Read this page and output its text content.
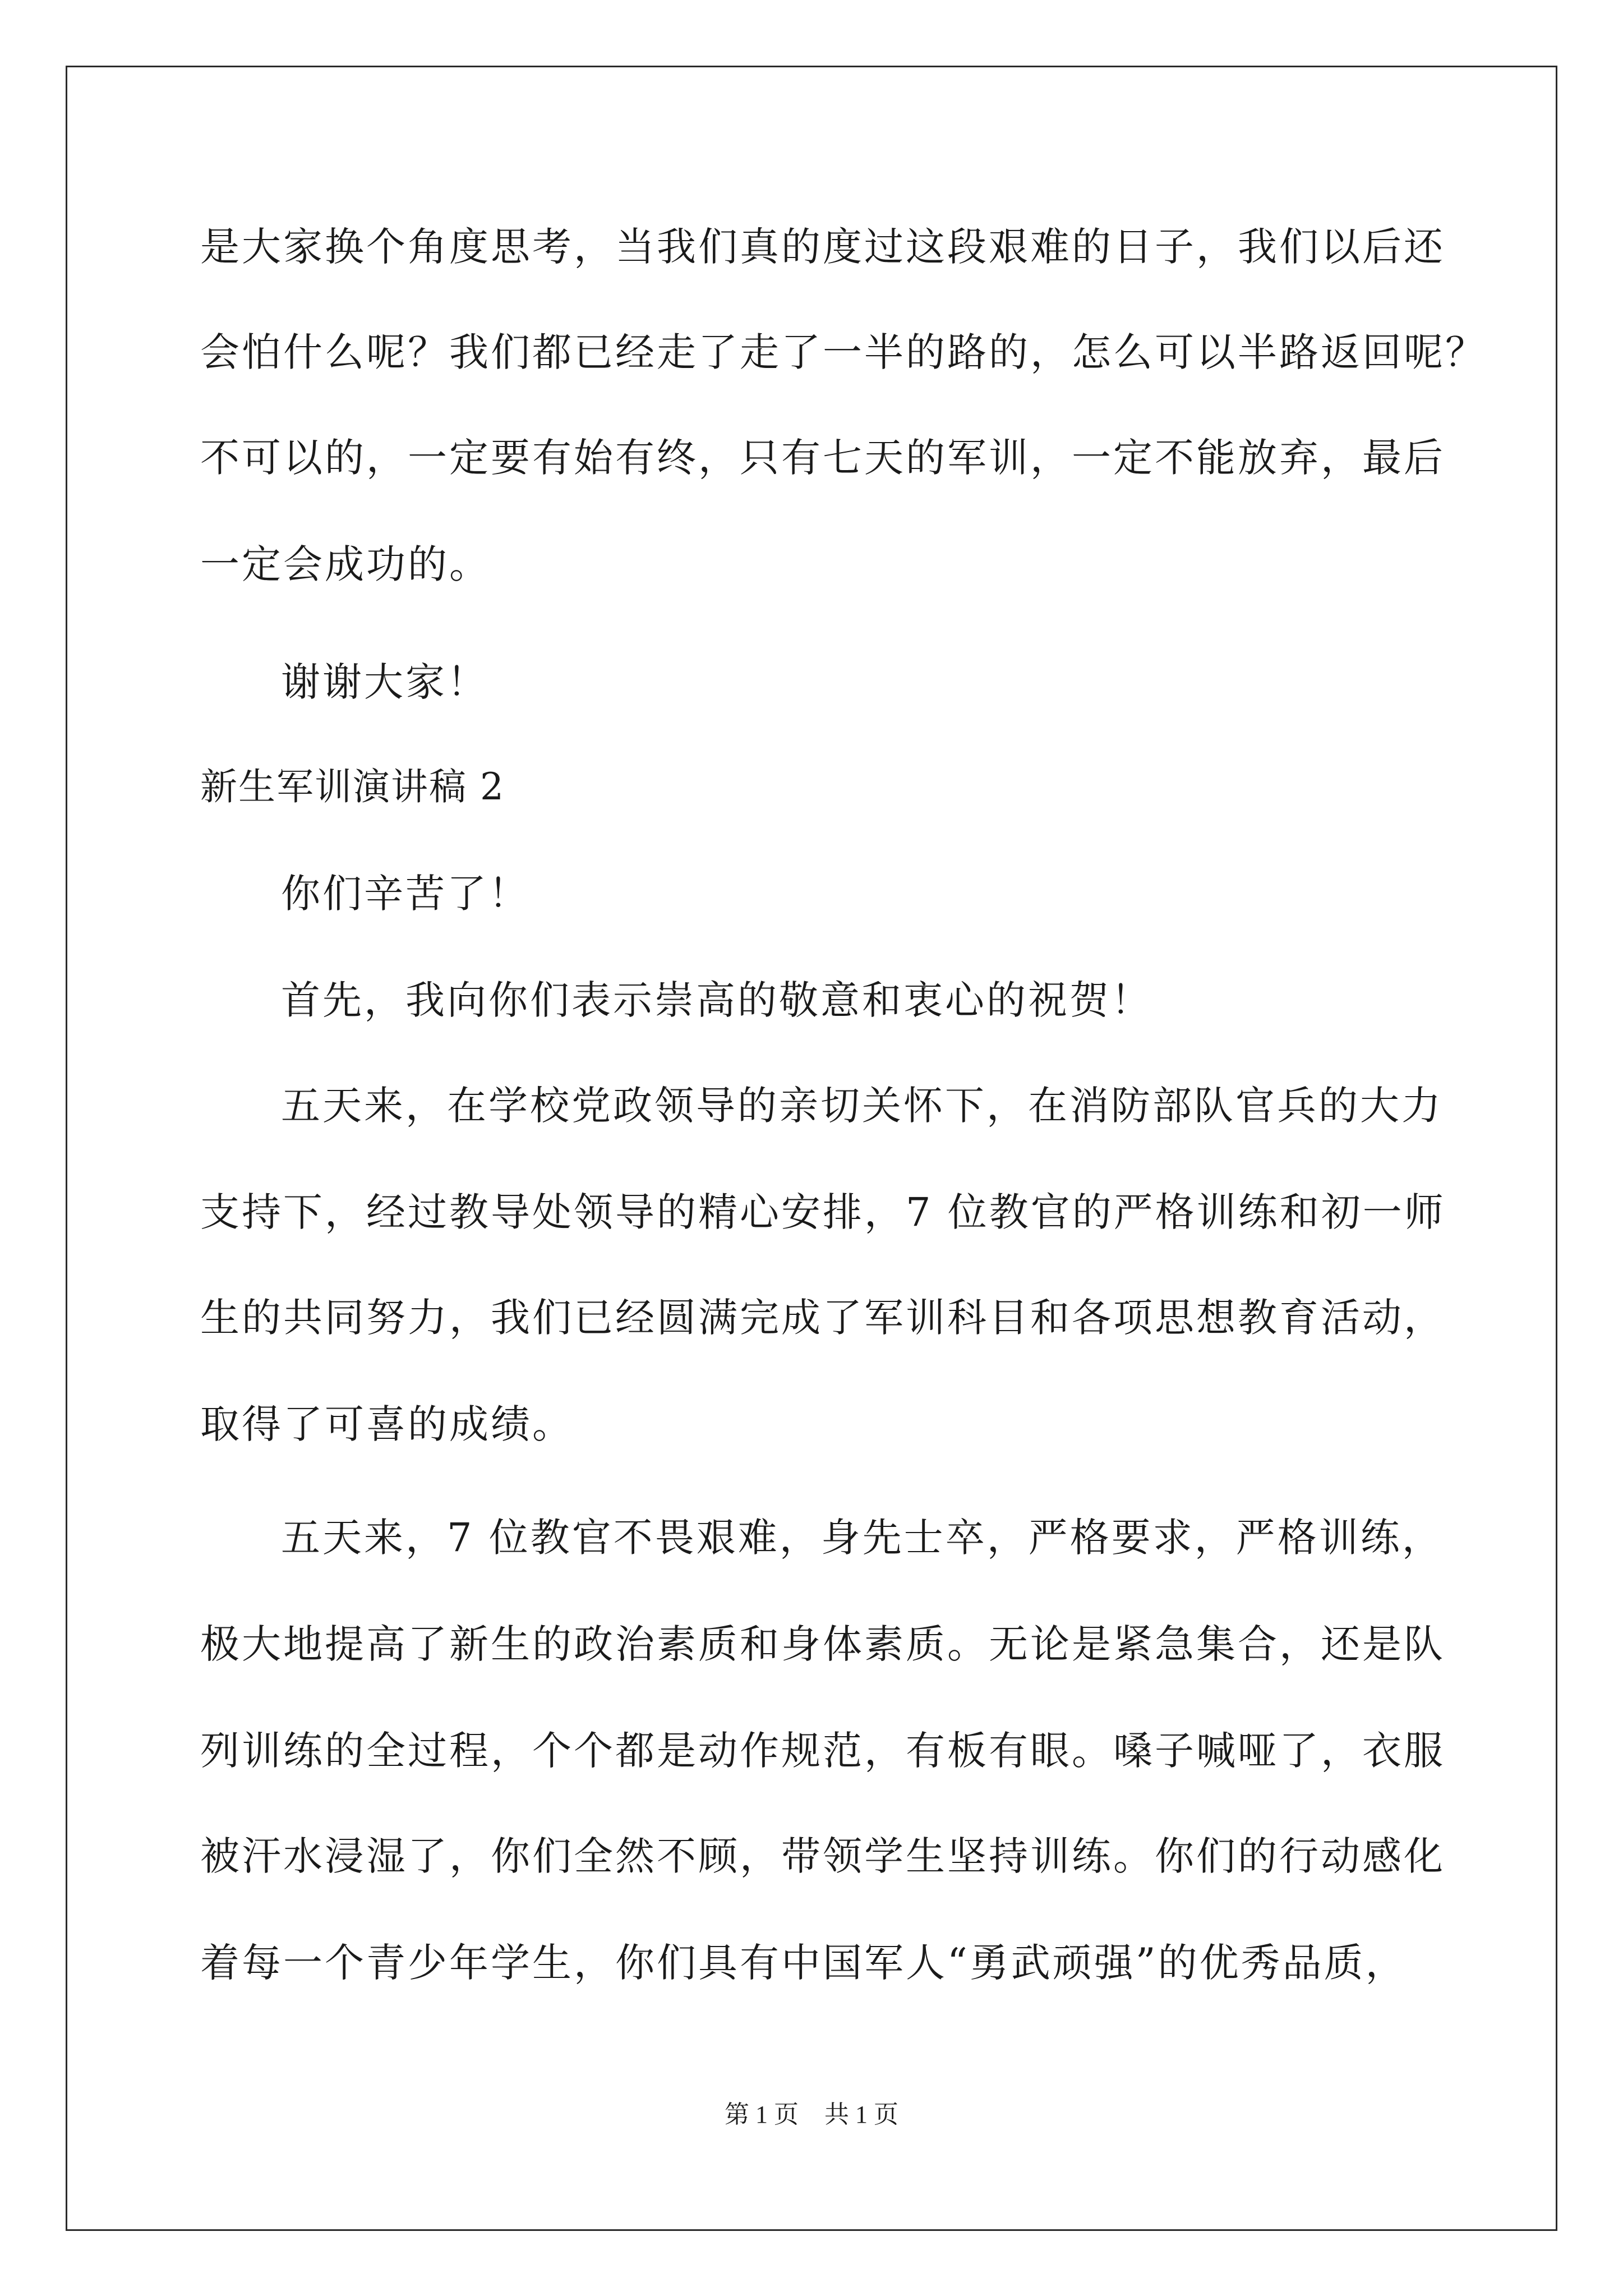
是大家换个角度思考，当我们真的度过这段艰难的日子，我们以后还
会怕什么呢？我们都已经走了走了一半的路的，怎么可以半路返回呢？
不可以的，一定要有始有终，只有七天的军训，一定不能放弃，最后
一定会成功的。
谢谢大家！
新生军训演讲稿 2
你们辛苦了！
首先，我向你们表示崇高的敬意和衷心的祝贺！
五天来，在学校党政领导的亲切关怀下，在消防部队官兵的大力
支持下，经过教导处领导的精心安排，7 位教官的严格训练和初一师
生的共同努力，我们已经圆满完成了军训科目和各项思想教育活动，
取得了可喜的成绩。
五天来，7 位教官不畏艰难，身先士卒，严格要求，严格训练，
极大地提高了新生的政治素质和身体素质。无论是紧急集合，还是队
列训练的全过程，个个都是动作规范，有板有眼。嗓子喊哑了，衣服
被汗水浸湿了，你们全然不顾，带领学生坚持训练。你们的行动感化
着每一个青少年学生，你们具有中国军人“勇武顽强”的优秀品质，
第 1 页 共 1 页
